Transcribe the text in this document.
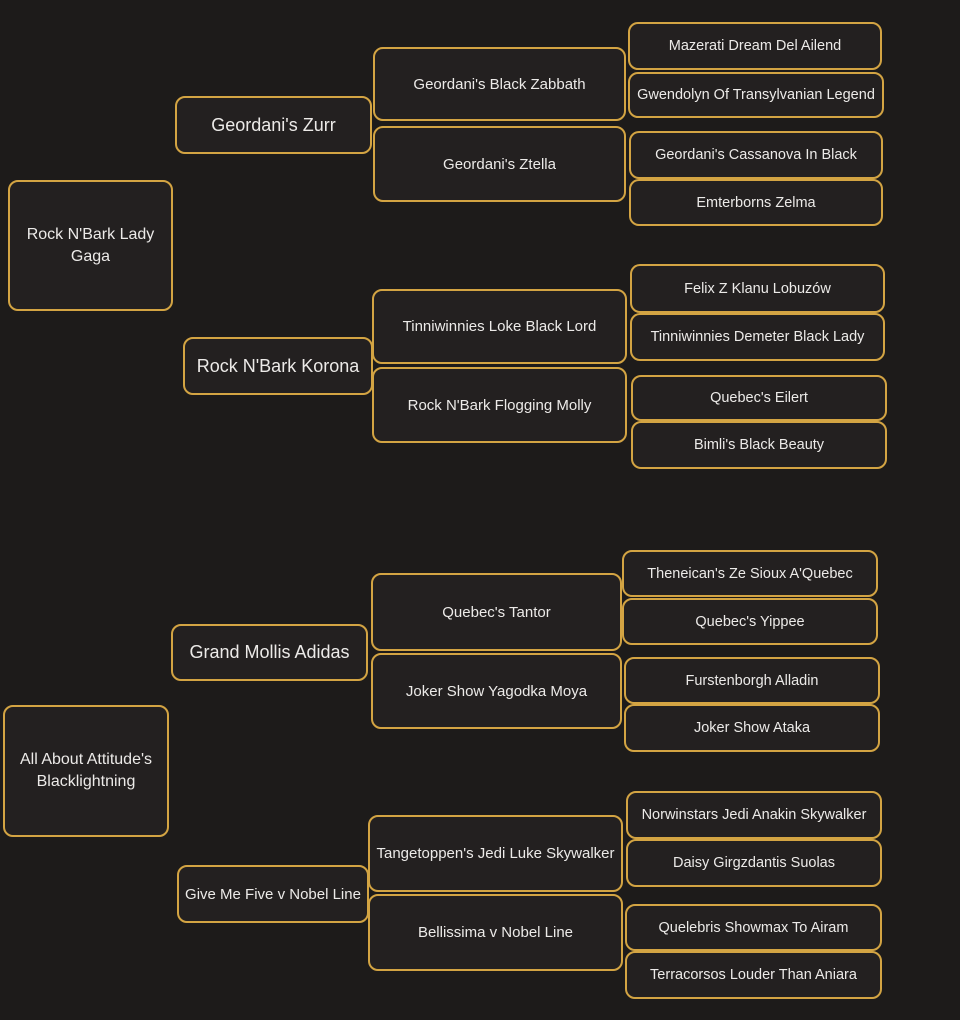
Rock N'Bark Lady Gaga
Geordani's Zurr
Rock N'Bark Korona
Geordani's Black Zabbath
Geordani's Ztella
Tinniwinnies Loke Black Lord
Rock N'Bark Flogging Molly
Mazerati Dream Del Ailend
Gwendolyn Of Transylvanian Legend
Geordani's Cassanova In Black
Emterborns Zelma
Felix Z Klanu Lobuzów
Tinniwinnies Demeter Black Lady
Quebec's Eilert
Bimli's Black Beauty
All About Attitude's Blacklightning
Grand Mollis Adidas
Give Me Five v Nobel Line
Quebec's Tantor
Joker Show Yagodka Moya
Tangetoppen's Jedi Luke Skywalker
Bellissima v Nobel Line
Theneican's Ze Sioux A'Quebec
Quebec's Yippee
Furstenborgh Alladin
Joker Show Ataka
Norwinstars Jedi Anakin Skywalker
Daisy Girgzdantis Suolas
Quelebris Showmax To Airam
Terracorsos Louder Than Aniara
